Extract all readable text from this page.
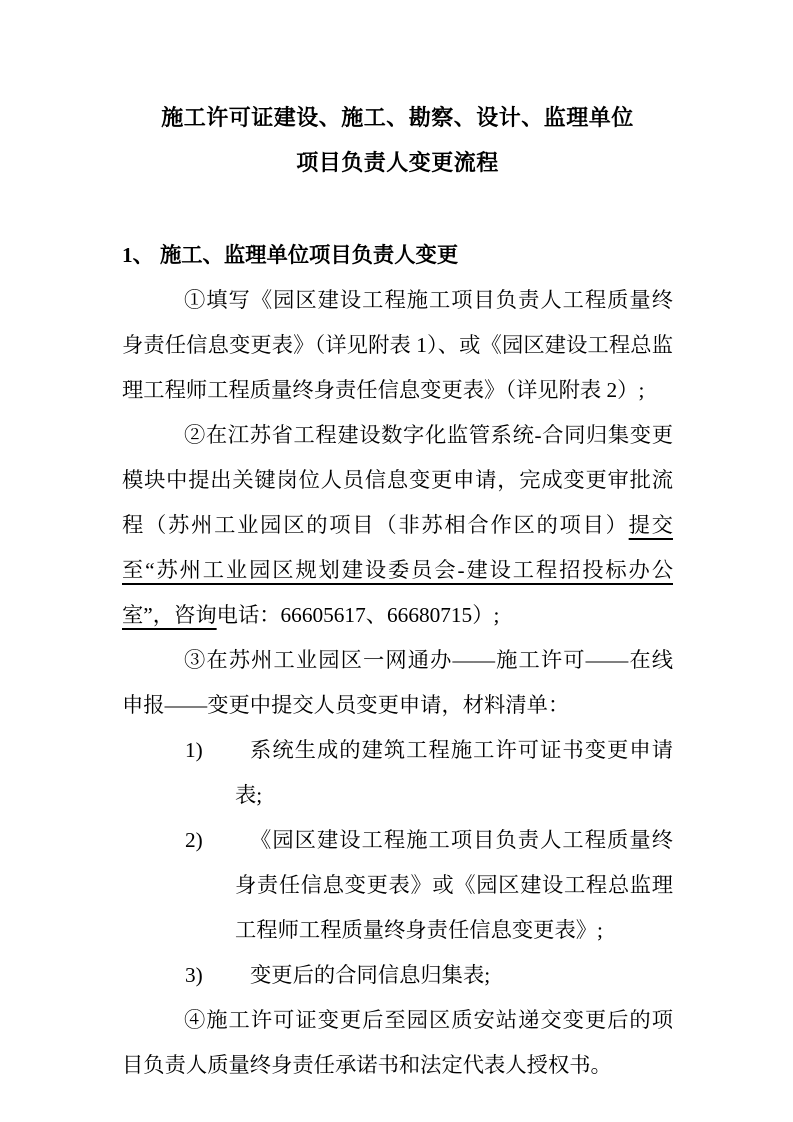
施工许可证建设、施工、勘察、设计、监理单位
项目负责人变更流程
1、 施工、监理单位项目负责人变更
①填写《园区建设工程施工项目负责人工程质量终身责任信息变更表》（详见附表 1）、或《园区建设工程总监理工程师工程质量终身责任信息变更表》（详见附表 2）;
②在江苏省工程建设数字化监管系统-合同归集变更模块中提出关键岗位人员信息变更申请，完成变更审批流程（苏州工业园区的项目（非苏相合作区的项目）提交至“苏州工业园区规划建设委员会-建设工程招投标办公室”，咨询电话：66605617、66680715）;
③在苏州工业园区一网通办——施工许可——在线申报——变更中提交人员变更申请，材料清单：
1) 系统生成的建筑工程施工许可证书变更申请表;
2) 《园区建设工程施工项目负责人工程质量终身责任信息变更表》或《园区建设工程总监理工程师工程质量终身责任信息变更表》;
3) 变更后的合同信息归集表;
④施工许可证变更后至园区质安站递交变更后的项目负责人质量终身责任承诺书和法定代表人授权书。
